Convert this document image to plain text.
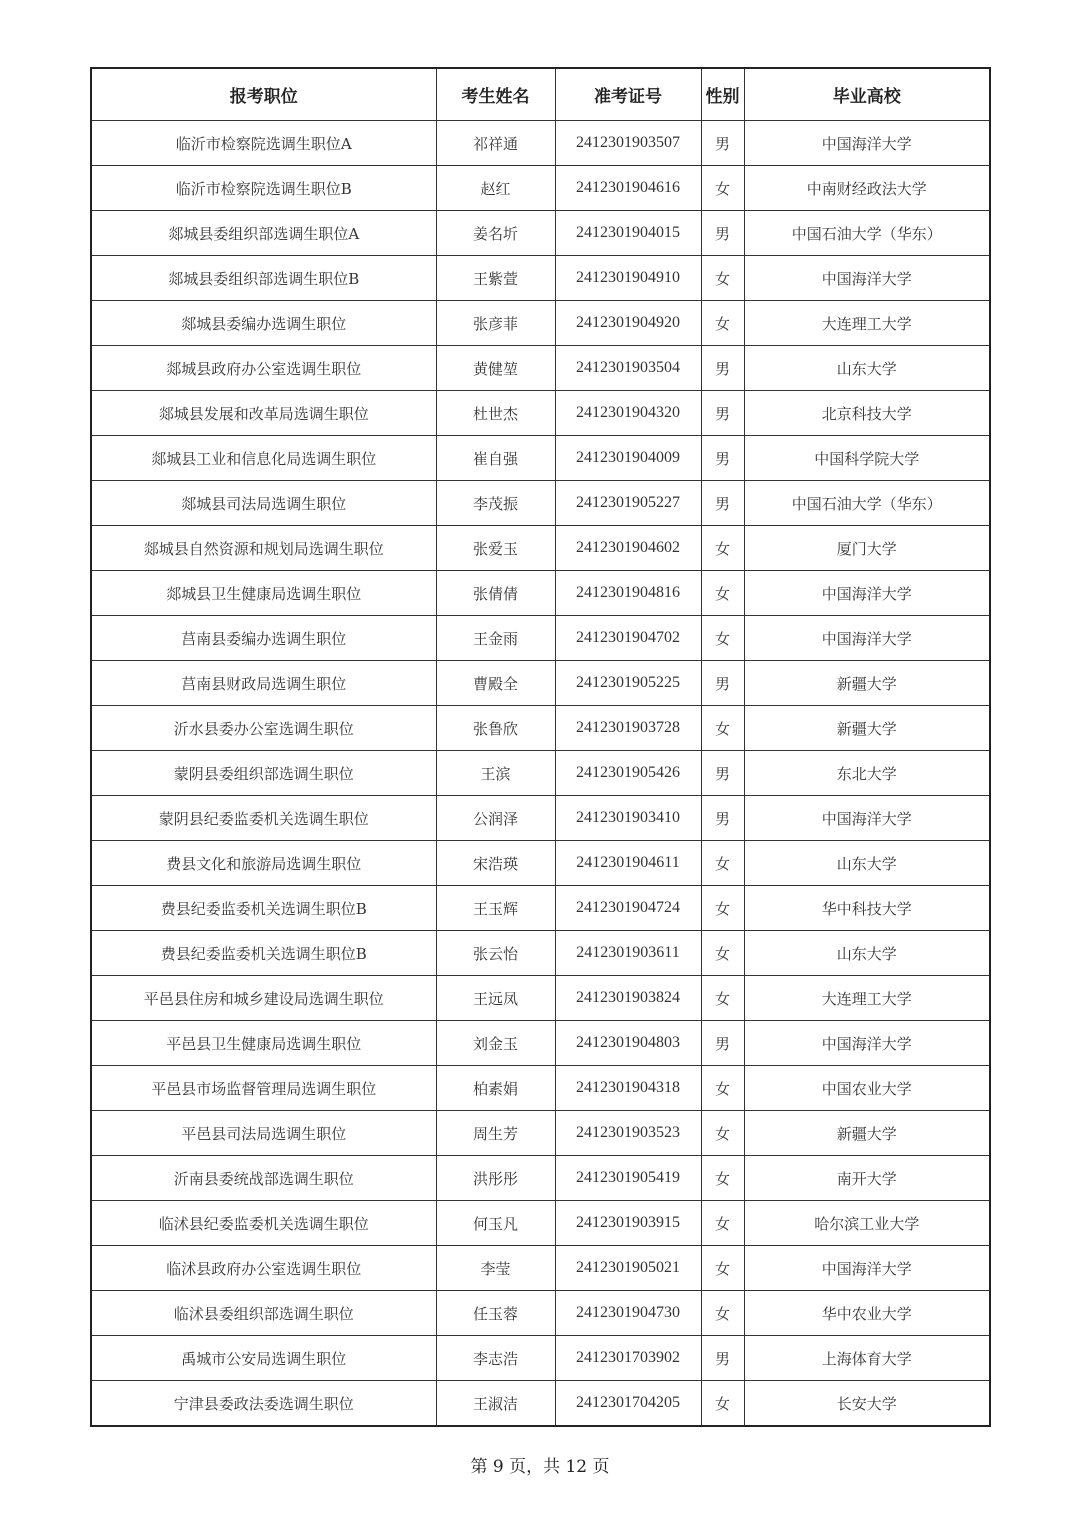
报考职位	考生姓名	准考证号	性别	毕业高校
临沂市检察院选调生职位A	祁祥通	2412301903507	男	中国海洋大学
临沂市检察院选调生职位B	赵红	2412301904616	女	中南财经政法大学
郯城县委组织部选调生职位A	姜名圻	2412301904015	男	中国石油大学（华东）
郯城县委组织部选调生职位B	王紫萱	2412301904910	女	中国海洋大学
郯城县委编办选调生职位	张彦菲	2412301904920	女	大连理工大学
郯城县政府办公室选调生职位	黄健堃	2412301903504	男	山东大学
郯城县发展和改革局选调生职位	杜世杰	2412301904320	男	北京科技大学
郯城县工业和信息化局选调生职位	崔自强	2412301904009	男	中国科学院大学
郯城县司法局选调生职位	李茂振	2412301905227	男	中国石油大学（华东）
郯城县自然资源和规划局选调生职位	张爱玉	2412301904602	女	厦门大学
郯城县卫生健康局选调生职位	张倩倩	2412301904816	女	中国海洋大学
莒南县委编办选调生职位	王金雨	2412301904702	女	中国海洋大学
莒南县财政局选调生职位	曹殿全	2412301905225	男	新疆大学
沂水县委办公室选调生职位	张鲁欣	2412301903728	女	新疆大学
蒙阴县委组织部选调生职位	王滨	2412301905426	男	东北大学
蒙阴县纪委监委机关选调生职位	公润泽	2412301903410	男	中国海洋大学
费县文化和旅游局选调生职位	宋浩瑛	2412301904611	女	山东大学
费县纪委监委机关选调生职位B	王玉辉	2412301904724	女	华中科技大学
费县纪委监委机关选调生职位B	张云怡	2412301903611	女	山东大学
平邑县住房和城乡建设局选调生职位	王远凤	2412301903824	女	大连理工大学
平邑县卫生健康局选调生职位	刘金玉	2412301904803	男	中国海洋大学
平邑县市场监督管理局选调生职位	柏素娟	2412301904318	女	中国农业大学
平邑县司法局选调生职位	周生芳	2412301903523	女	新疆大学
沂南县委统战部选调生职位	洪彤彤	2412301905419	女	南开大学
临沭县纪委监委机关选调生职位	何玉凡	2412301903915	女	哈尔滨工业大学
临沭县政府办公室选调生职位	李莹	2412301905021	女	中国海洋大学
临沭县委组织部选调生职位	任玉蓉	2412301904730	女	华中农业大学
禹城市公安局选调生职位	李志浩	2412301703902	男	上海体育大学
宁津县委政法委选调生职位	王淑洁	2412301704205	女	长安大学
第 9 页，共 12 页
